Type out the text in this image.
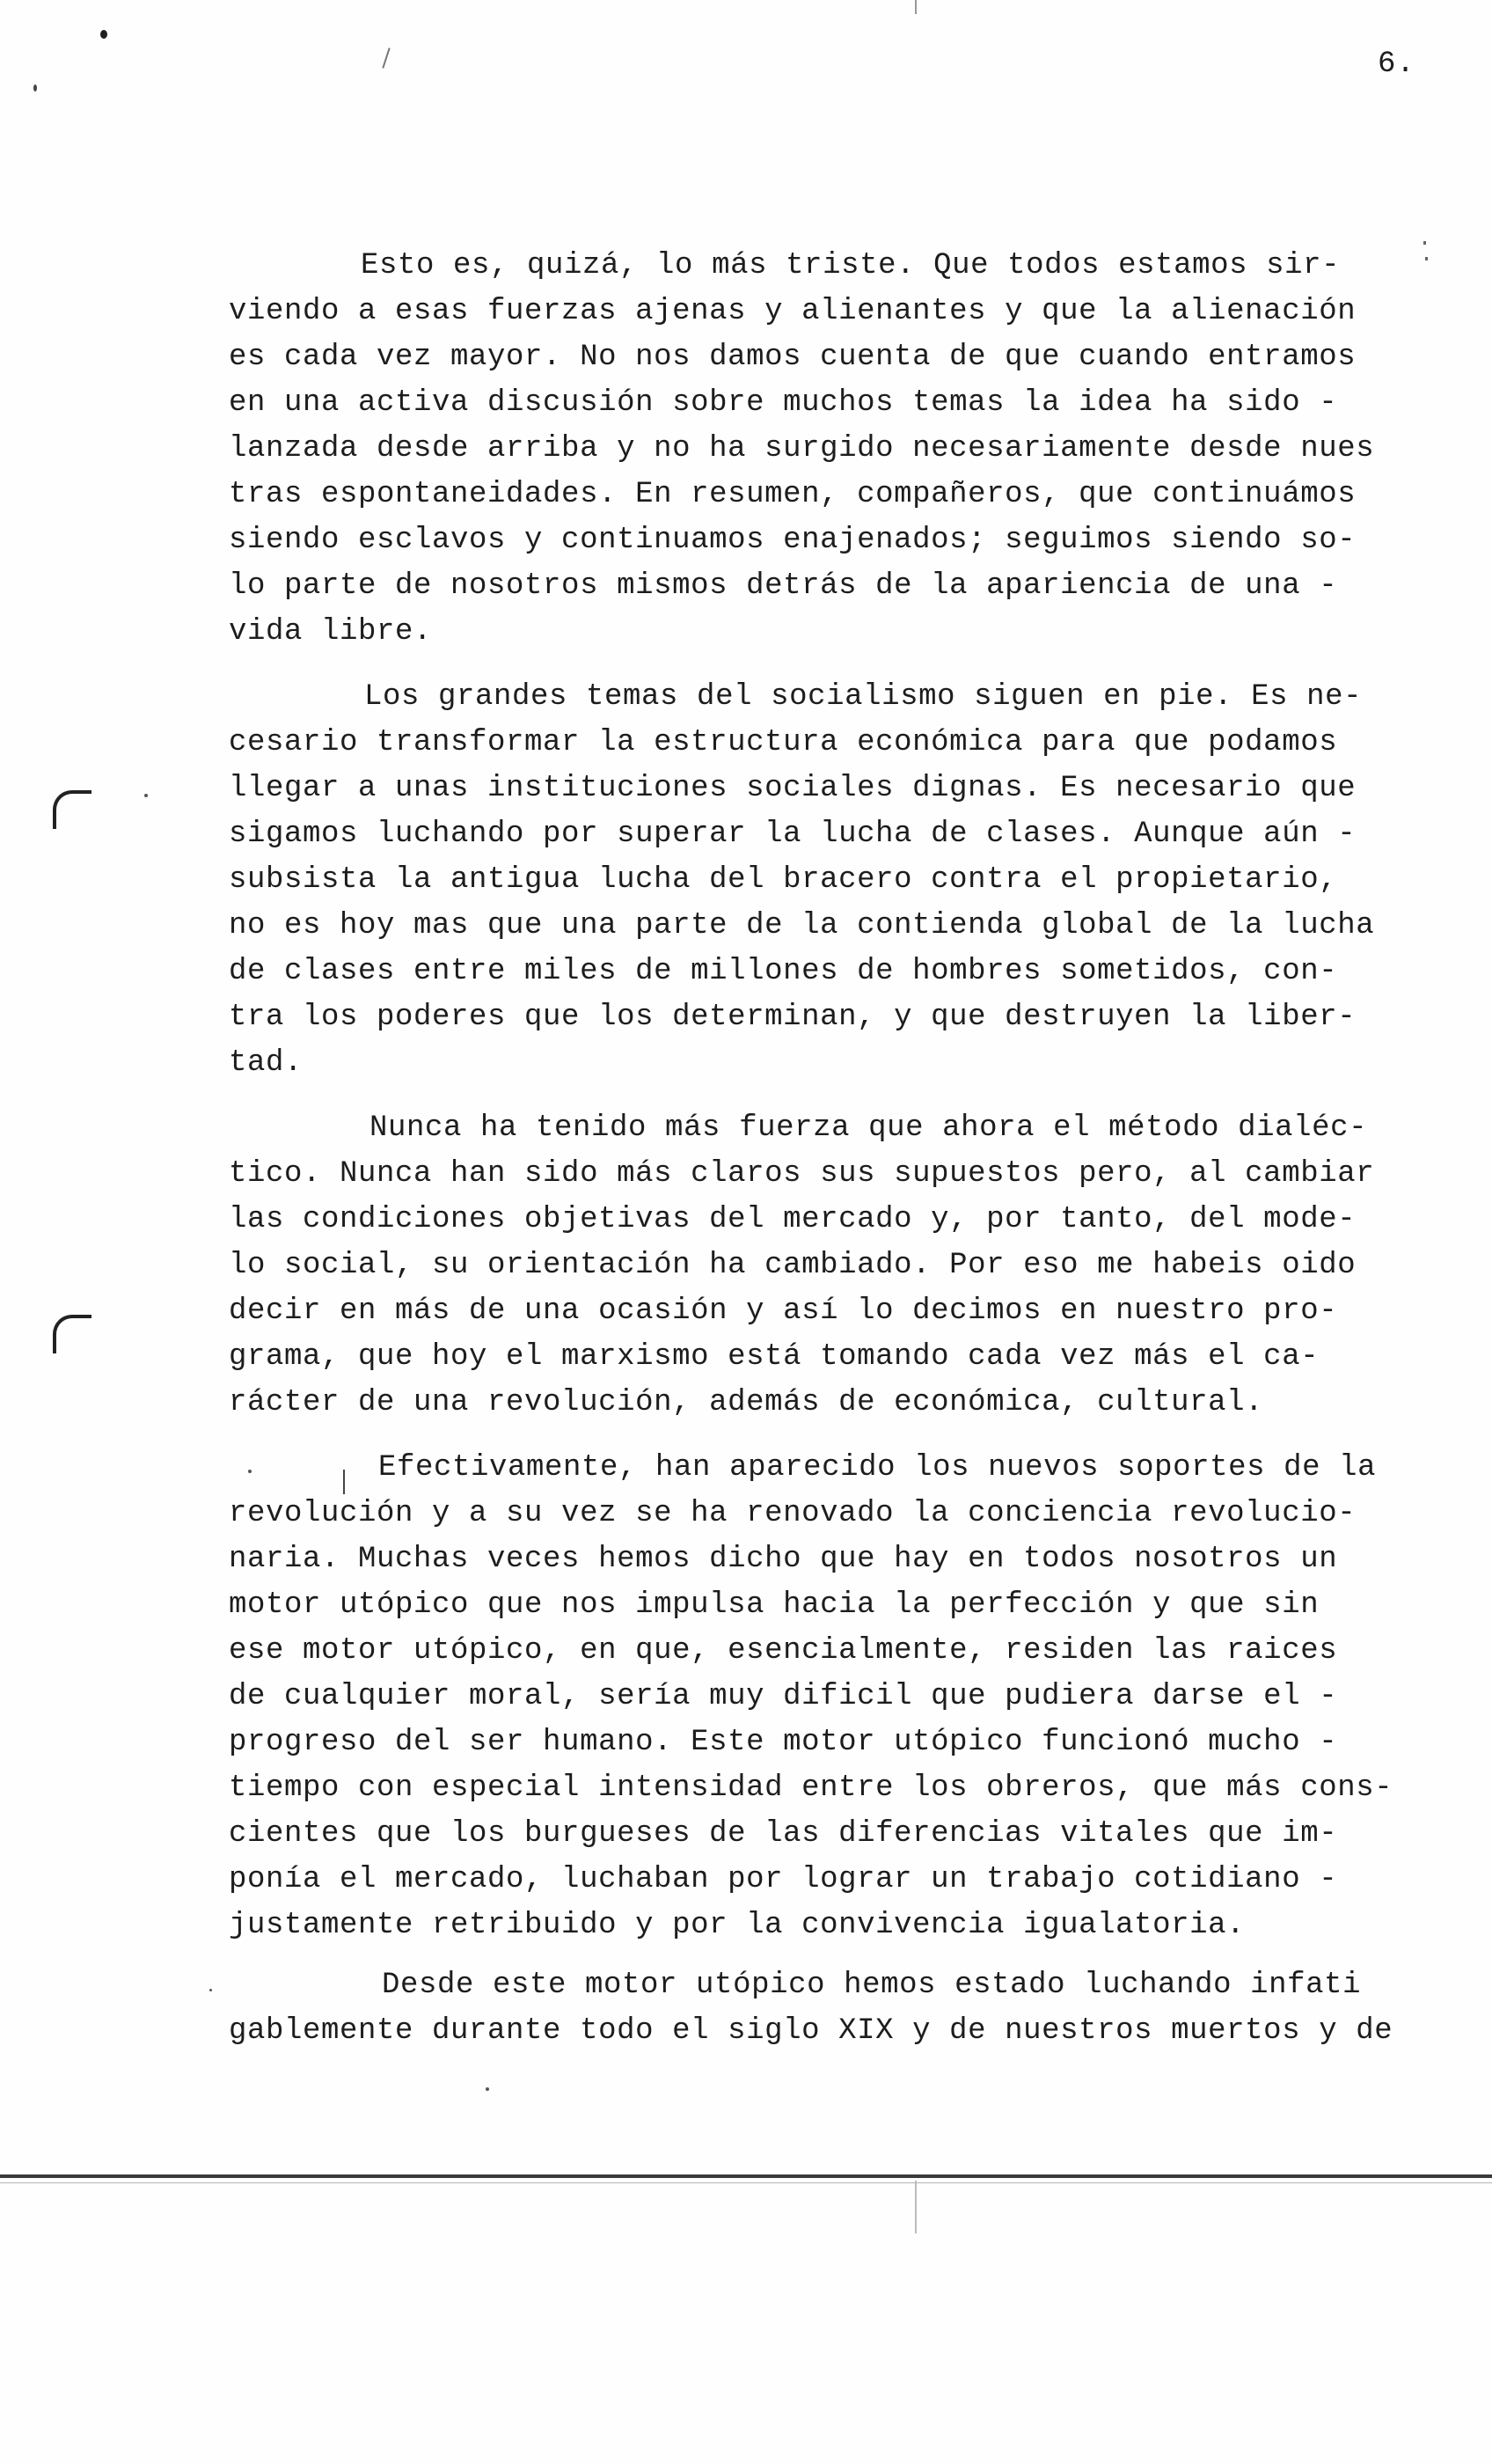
6.
Esto es, quizá, lo más triste. Que todos estamos sir-
viendo a esas fuerzas ajenas y alienantes y que la alienación
es cada vez mayor. No nos damos cuenta de que cuando entramos
en una activa discusión sobre muchos temas la idea ha sido -
lanzada desde arriba y no ha surgido necesariamente desde nues
tras espontaneidades. En resumen, compañeros, que continuámos
siendo esclavos y continuamos enajenados; seguimos siendo so-
lo parte de nosotros mismos detrás de la apariencia de una -
vida libre.
Los grandes temas del socialismo siguen en pie. Es ne-
cesario transformar la estructura económica para que podamos
llegar a unas instituciones sociales dignas. Es necesario que
sigamos luchando por superar la lucha de clases. Aunque aún -
subsista la antigua lucha del bracero contra el propietario,
no es hoy mas que una parte de la contienda global de la lucha
de clases entre miles de millones de hombres sometidos, con-
tra los poderes que los determinan, y que destruyen la liber-
tad.
Nunca ha tenido más fuerza que ahora el método dialéc-
tico. Nunca han sido más claros sus supuestos pero, al cambiar
las condiciones objetivas del mercado y, por tanto, del mode-
lo social, su orientación ha cambiado. Por eso me habeis oido
decir en más de una ocasión y así lo decimos en nuestro pro-
grama, que hoy el marxismo está tomando cada vez más el ca-
rácter de una revolución, además de económica, cultural.
Efectivamente, han aparecido los nuevos soportes de la
revolución y a su vez se ha renovado la conciencia revolucio-
naria. Muchas veces hemos dicho que hay en todos nosotros un
motor utópico que nos impulsa hacia la perfección y que sin
ese motor utópico, en que, esencialmente, residen las raices
de cualquier moral, sería muy dificil que pudiera darse el -
progreso del ser humano. Este motor utópico funcionó mucho -
tiempo con especial intensidad entre los obreros, que más cons-
cientes que los burgueses de las diferencias vitales que im-
ponía el mercado, luchaban por lograr un trabajo cotidiano -
justamente retribuido y por la convivencia igualatoria.
Desde este motor utópico hemos estado luchando infati
gablemente durante todo el siglo XIX y de nuestros muertos y de
